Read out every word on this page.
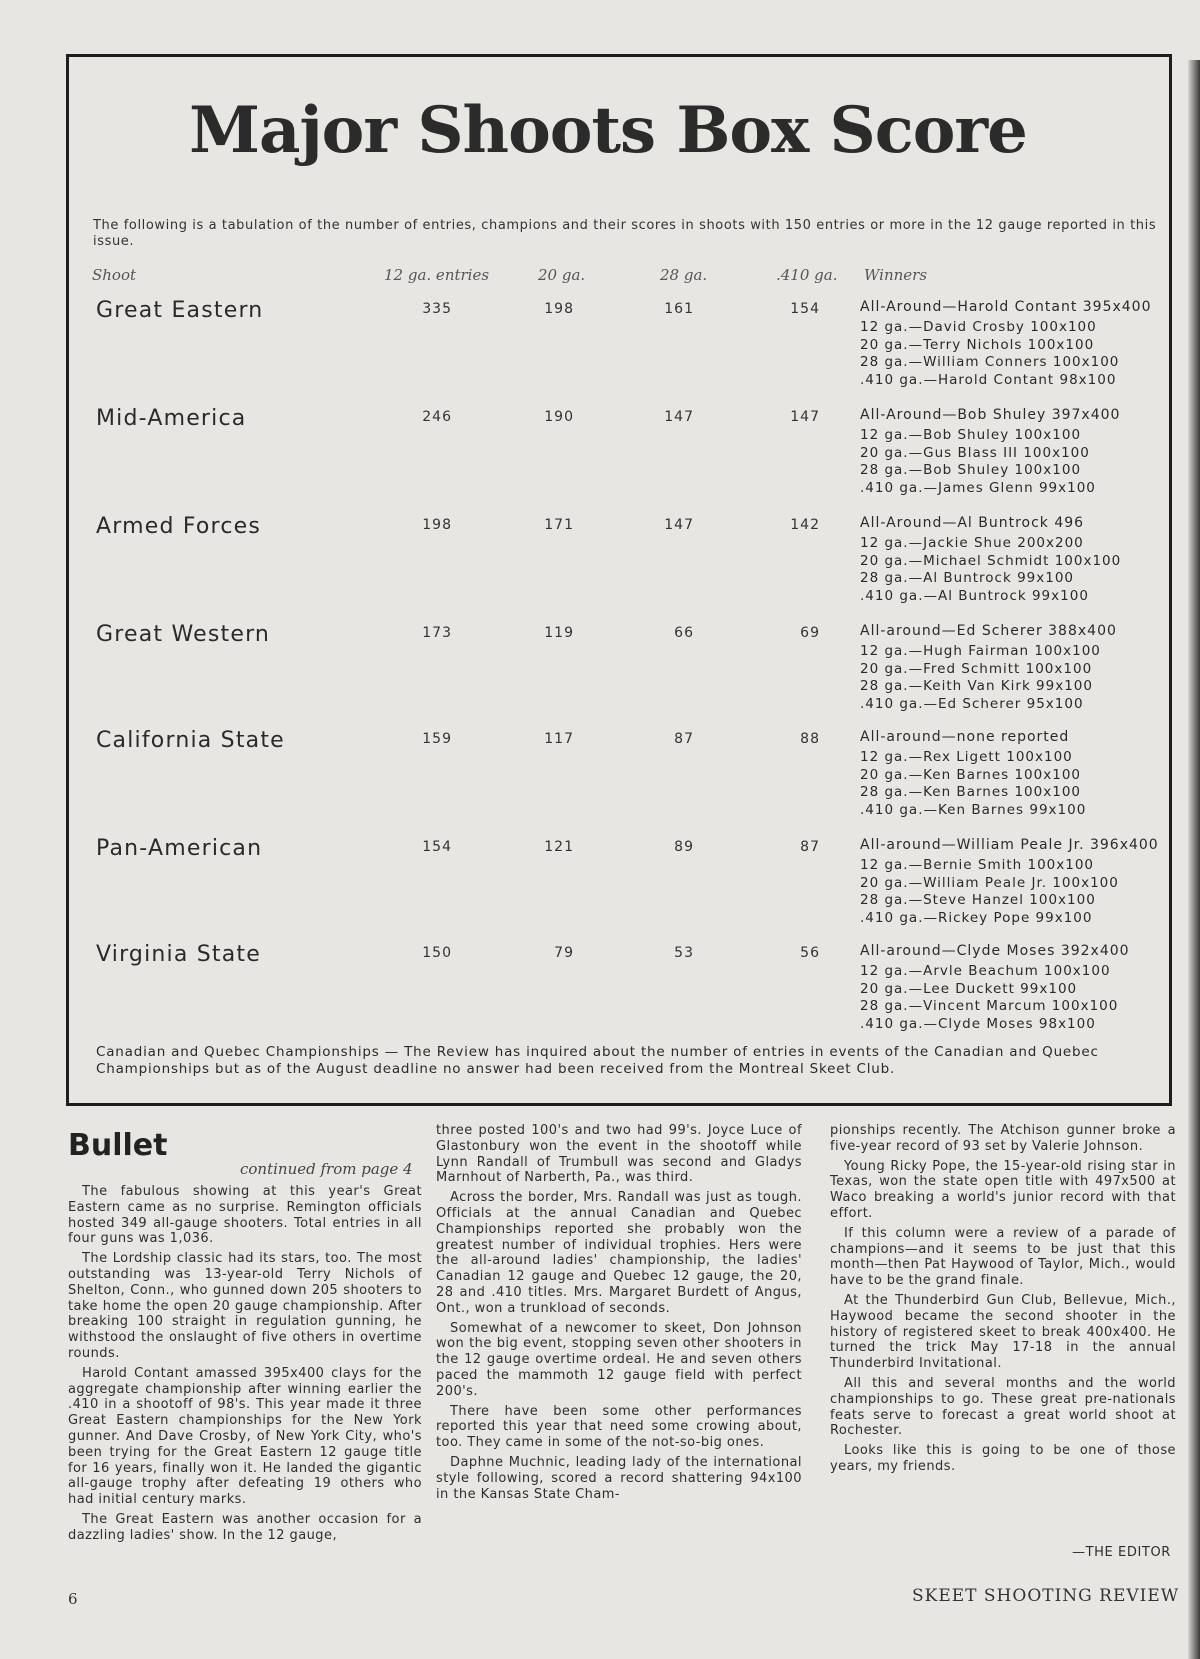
Major Shoots Box Score
The following is a tabulation of the number of entries, champions and their scores in shoots with 150 entries or more in the 12 gauge reported in this issue.
Shoot	12 ga. entries	20 ga.	28 ga.	.410 ga. Winners
Great Eastern	335	198	161	154	All-Around—Harold Contant 395x400
12 ga.—David Crosby 100x100
20 ga.—Terry Nichols 100x100
28 ga.—William Conners 100x100
.410 ga.—Harold Contant 98x100
Mid-America	246	190	147	147	All-Around—Bob Shuley 397x400
12 ga.—Bob Shuley 100x100
20 ga.—Gus Blass III 100x100
28 ga.—Bob Shuley 100x100
.410 ga.—James Glenn 99x100
Armed Forces	198	171	147	142	All-Around—Al Buntrock 496
12 ga.—Jackie Shue 200x200
20 ga.—Michael Schmidt 100x100
28 ga.—Al Buntrock 99x100
.410 ga.—Al Buntrock 99x100
Great Western	173	119	66	69	All-around—Ed Scherer 388x400
12 ga.—Hugh Fairman 100x100
20 ga.—Fred Schmitt 100x100
28 ga.—Keith Van Kirk 99x100
.410 ga.—Ed Scherer 95x100
California State	159	117	87	88	All-around—none reported
12 ga.—Rex Ligett 100x100
20 ga.—Ken Barnes 100x100
28 ga.—Ken Barnes 100x100
.410 ga.—Ken Barnes 99x100
Pan-American	154	121	89	87	All-around—William Peale Jr. 396x400
12 ga.—Bernie Smith 100x100
20 ga.—William Peale Jr. 100x100
28 ga.—Steve Hanzel 100x100
.410 ga.—Rickey Pope 99x100
Virginia State	150	79	53	56	All-around—Clyde Moses 392x400
12 ga.—Arvle Beachum 100x100
20 ga.—Lee Duckett 99x100
28 ga.—Vincent Marcum 100x100
.410 ga.—Clyde Moses 98x100
Canadian and Quebec Championships — The Review has inquired about the number of entries in events of the Canadian and Quebec Championships but as of the August deadline no answer had been received from the Montreal Skeet Club.
Bullet
continued from page 4

The fabulous showing at this year's Great Eastern came as no surprise. Remington officials hosted 349 all-gauge shooters. Total entries in all four guns was 1,036.

The Lordship classic had its stars, too. The most outstanding was 13-year-old Terry Nichols of Shelton, Conn., who gunned down 205 shooters to take home the open 20 gauge championship. After breaking 100 straight in regulation gunning, he withstood the onslaught of five others in overtime rounds.

Harold Contant amassed 395x400 clays for the aggregate championship after winning earlier the .410 in a shootoff of 98's. This year made it three Great Eastern championships for the New York gunner. And Dave Crosby, of New York City, who's been trying for the Great Eastern 12 gauge title for 16 years, finally won it. He landed the gigantic all-gauge trophy after defeating 19 others who had initial century marks.

The Great Eastern was another occasion for a dazzling ladies' show. In the 12 gauge,

three posted 100's and two had 99's. Joyce Luce of Glastonbury won the event in the shootoff while Lynn Randall of Trumbull was second and Gladys Marnhout of Narberth, Pa., was third.

Across the border, Mrs. Randall was just as tough. Officials at the annual Canadian and Quebec Championships reported she probably won the greatest number of individual trophies. Hers were the all-around ladies' championship, the ladies' Canadian 12 gauge and Quebec 12 gauge, the 20, 28 and .410 titles. Mrs. Margaret Burdett of Angus, Ont., won a trunkload of seconds.

Somewhat of a newcomer to skeet, Don Johnson won the big event, stopping seven other shooters in the 12 gauge overtime ordeal. He and seven others paced the mammoth 12 gauge field with perfect 200's.

There have been some other performances reported this year that need some crowing about, too. They came in some of the not-so-big ones.

Daphne Muchnic, leading lady of the international style following, scored a record shattering 94x100 in the Kansas State Cham-

pionships recently. The Atchison gunner broke a five-year record of 93 set by Valerie Johnson.

Young Ricky Pope, the 15-year-old rising star in Texas, won the state open title with 497x500 at Waco breaking a world's junior record with that effort.

If this column were a review of a parade of champions—and it seems to be just that this month—then Pat Haywood of Taylor, Mich., would have to be the grand finale.

At the Thunderbird Gun Club, Bellevue, Mich., Haywood became the second shooter in the history of registered skeet to break 400x400. He turned the trick May 17-18 in the annual Thunderbird Invitational.

All this and several months and the world championships to go. These great pre-nationals feats serve to forecast a great world shoot at Rochester.

Looks like this is going to be one of those years, my friends.

—THE EDITOR
6	SKEET SHOOTING REVIEW
